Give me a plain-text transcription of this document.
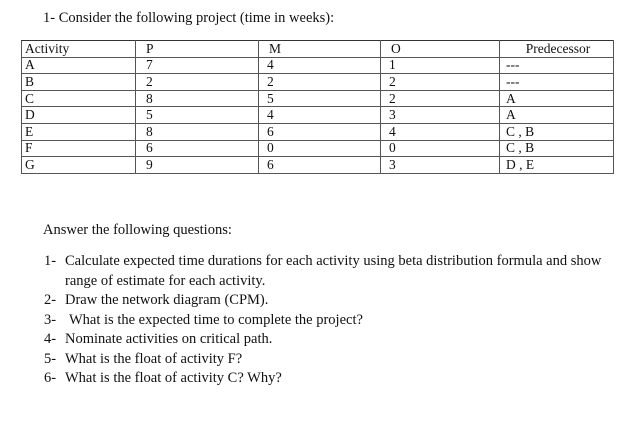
1- Consider the following project (time in weeks):
Activity	P	M	O	Predecessor
A	7	4	1	---
B	2	2	2	---
C	8	5	2	A
D	5	4	3	A
E	8	6	4	C , B
F	6	0	0	C , B
G	9	6	3	D , E
Answer the following questions:
1- Calculate expected time durations for each activity using beta distribution formula and show range of estimate for each activity.
2- Draw the network diagram (CPM).
3- What is the expected time to complete the project?
4- Nominate activities on critical path.
5- What is the float of activity F?
6- What is the float of activity C? Why?
